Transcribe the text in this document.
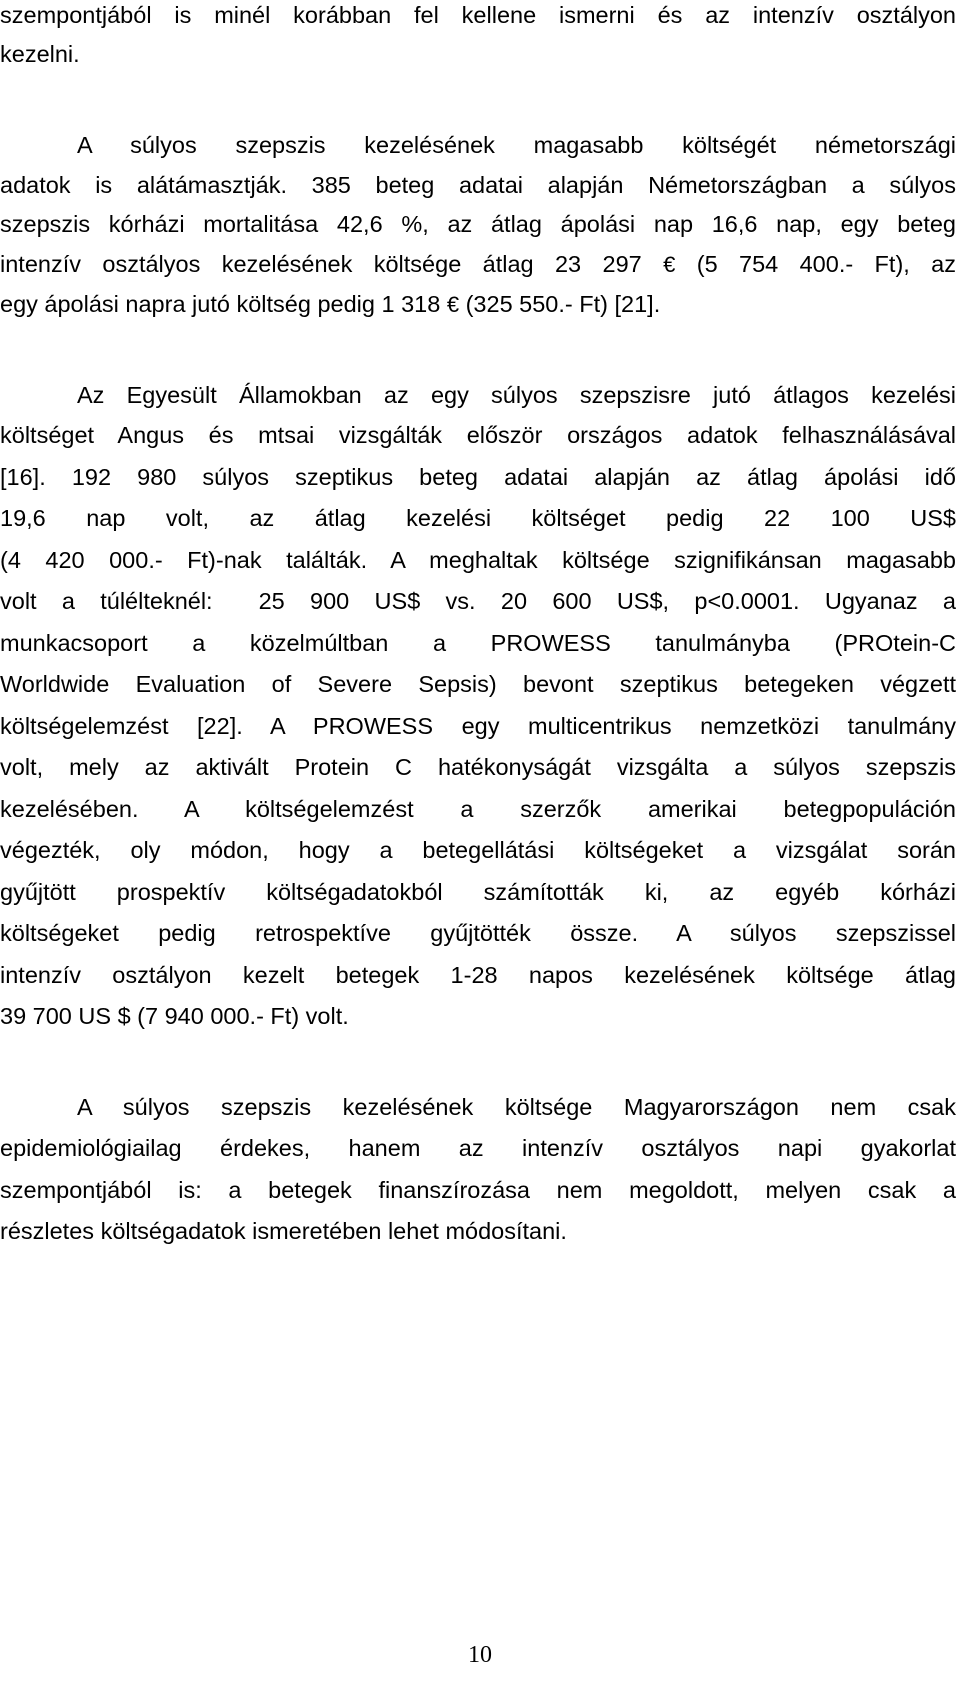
szempontjából is minél korábban fel kellene ismerni és az intenzív osztályon
kezelni.
A súlyos szepszis kezelésének magasabb költségét németországi
adatok is alátámasztják. 385 beteg adatai alapján Németországban a súlyos
szepszis kórházi mortalitása 42,6 %, az átlag ápolási nap 16,6 nap, egy beteg
intenzív osztályos kezelésének költsége átlag 23 297 € (5 754 400.- Ft), az
egy ápolási napra jutó költség pedig 1 318 € (325 550.- Ft) [21].
Az Egyesült Államokban az egy súlyos szepszisre jutó átlagos kezelési
költséget Angus és mtsai vizsgálták először országos adatok felhasználásával
[16]. 192 980 súlyos szeptikus beteg adatai alapján az átlag ápolási idő
19,6 nap volt, az átlag kezelési költséget pedig 22 100 US$
(4 420 000.- Ft)-nak találták. A meghaltak költsége szignifikánsan magasabb
volt a túlélteknél: 25 900 US$ vs. 20 600 US$, p<0.0001. Ugyanaz a
munkacsoport a közelmúltban a PROWESS tanulmányba (PROtein-C
Worldwide Evaluation of Severe Sepsis) bevont szeptikus betegeken végzett
költségelemzést [22]. A PROWESS egy multicentrikus nemzetközi tanulmány
volt, mely az aktivált Protein C hatékonyságát vizsgálta a súlyos szepszis
kezelésében. A költségelemzést a szerzők amerikai betegpopuláción
végezték, oly módon, hogy a betegellátási költségeket a vizsgálat során
gyűjtött prospektív költségadatokból számították ki, az egyéb kórházi
költségeket pedig retrospektíve gyűjtötték össze. A súlyos szepszissel
intenzív osztályon kezelt betegek 1-28 napos kezelésének költsége átlag
39 700 US $ (7 940 000.- Ft) volt.
A súlyos szepszis kezelésének költsége Magyarországon nem csak
epidemiológiailag érdekes, hanem az intenzív osztályos napi gyakorlat
szempontjából is: a betegek finanszírozása nem megoldott, melyen csak a
részletes költségadatok ismeretében lehet módosítani.
10
